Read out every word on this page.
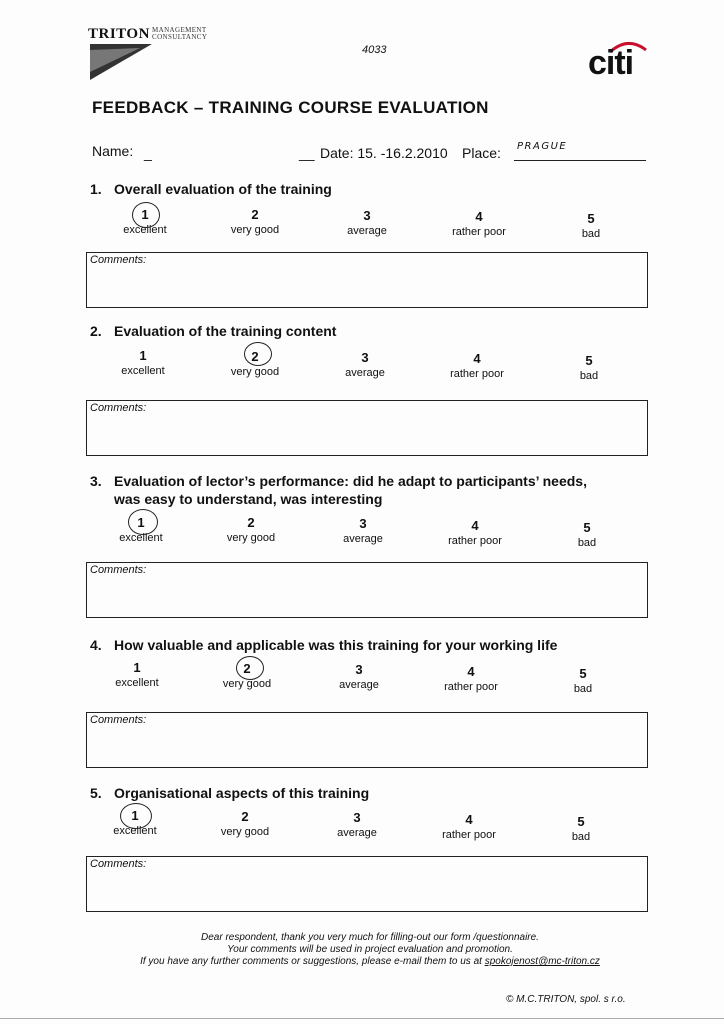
TRITON MANAGEMENT
CONSULTANCY
4033	citi
FEEDBACK – TRAINING COURSE EVALUATION
Name: _	__ Date: 15. -16.2.2010 Place: PRAGUE
1. Overall evaluation of the training
1
excellent
2
very good
3
average
4
rather poor
5
bad
Comments:
2. Evaluation of the training content
1
excellent
2
very good
3
average
4
rather poor
5
bad
Comments:
3. Evaluation of lector’s performance: did he adapt to participants’ needs,
was easy to understand, was interesting
1
excellent
2
very good
3
average
4
rather poor
5
bad
Comments:
4. How valuable and applicable was this training for your working life
1
excellent
2
very good
3
average
4
rather poor
5
bad
Comments:
5. Organisational aspects of this training
1
excellent
2
very good
3
average
4
rather poor
5
bad
Comments:
Dear respondent, thank you very much for filling-out our form /questionnaire.
Your comments will be used in project evaluation and promotion.
If you have any further comments or suggestions, please e-mail them to us at spokojenost@mc-triton.cz
© M.C.TRITON, spol. s r.o.
